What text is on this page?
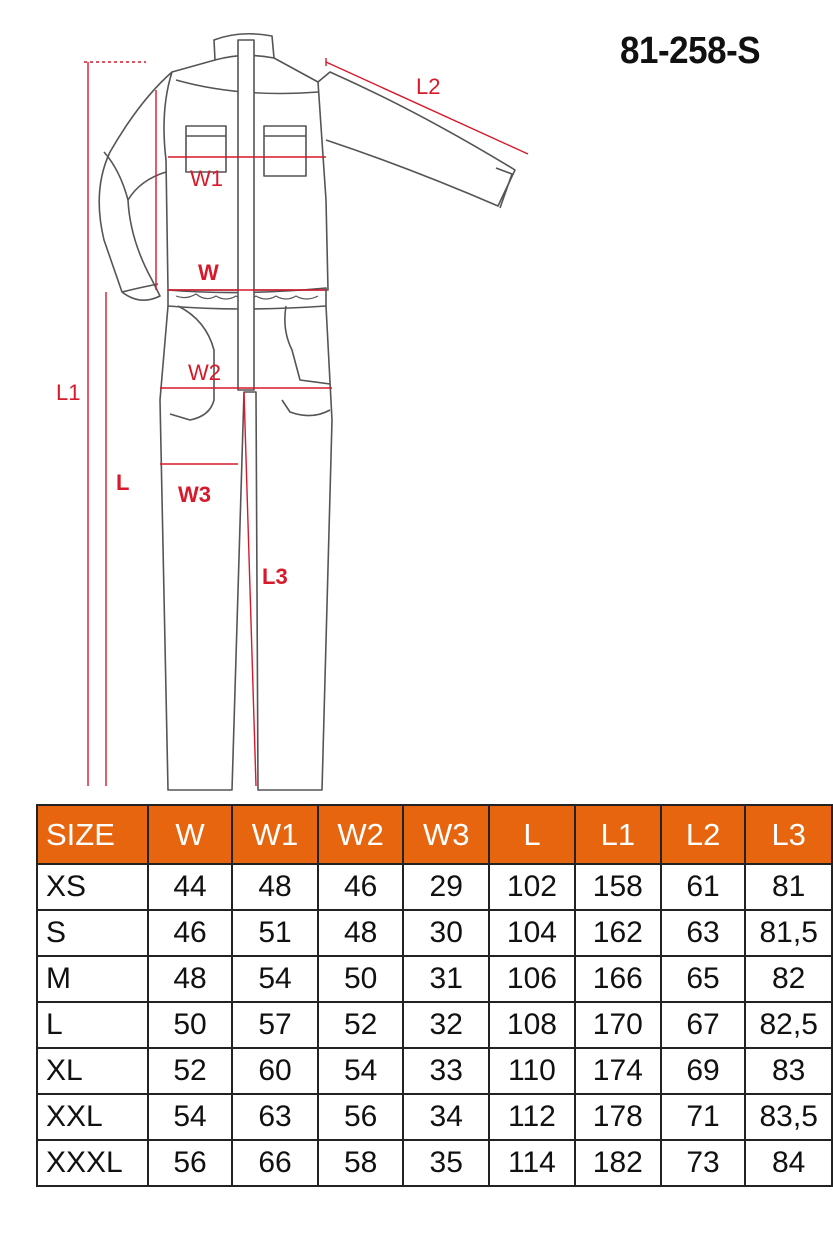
81-258-S
L2
W1
W
W2
L1
L W3
L3
SIZE	W	W1	W2	W3	L	L1	L2	L3
XS	44	48	46	29	102	158	61	81
S	46	51	48	30	104	162	63	81,5
M	48	54	50	31	106	166	65	82
L	50	57	52	32	108	170	67	82,5
XL	52	60	54	33	110	174	69	83
XXL	54	63	56	34	112	178	71	83,5
XXXL	56	66	58	35	114	182	73	84
